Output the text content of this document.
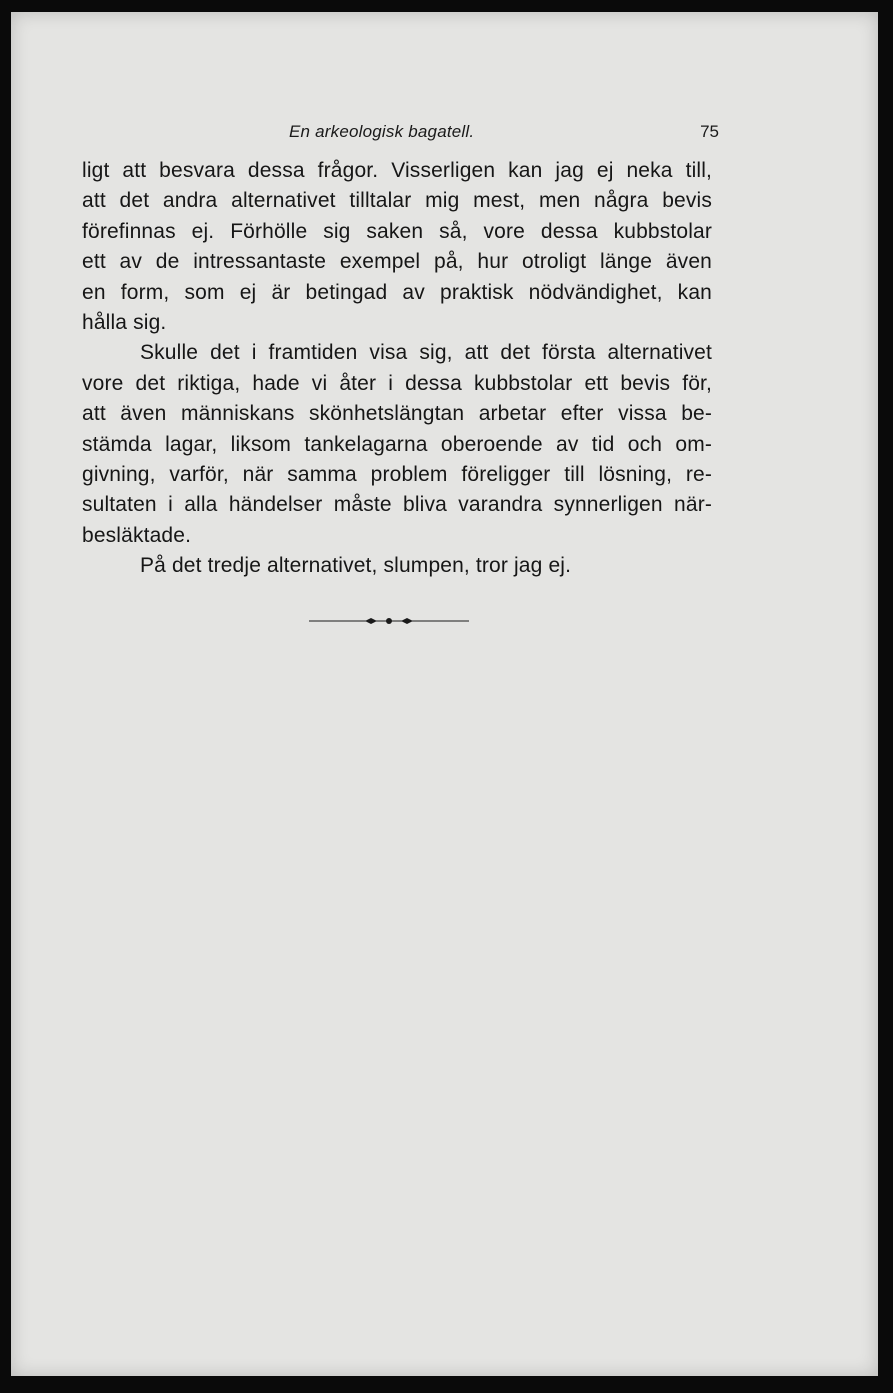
En arkeologisk bagatell.	75
ligt att besvara dessa frågor. Visserligen kan jag ej neka till,
att det andra alternativet tilltalar mig mest, men några bevis
förefinnas ej. Förhölle sig saken så, vore dessa kubbstolar
ett av de intressantaste exempel på, hur otroligt länge även
en form, som ej är betingad av praktisk nödvändighet, kan
hålla sig.
Skulle det i framtiden visa sig, att det första alternativet
vore det riktiga, hade vi åter i dessa kubbstolar ett bevis för,
att även människans skönhetslängtan arbetar efter vissa be-
stämda lagar, liksom tankelagarna oberoende av tid och om-
givning, varför, när samma problem föreligger till lösning, re-
sultaten i alla händelser måste bliva varandra synnerligen när-
besläktade.
På det tredje alternativet, slumpen, tror jag ej.
